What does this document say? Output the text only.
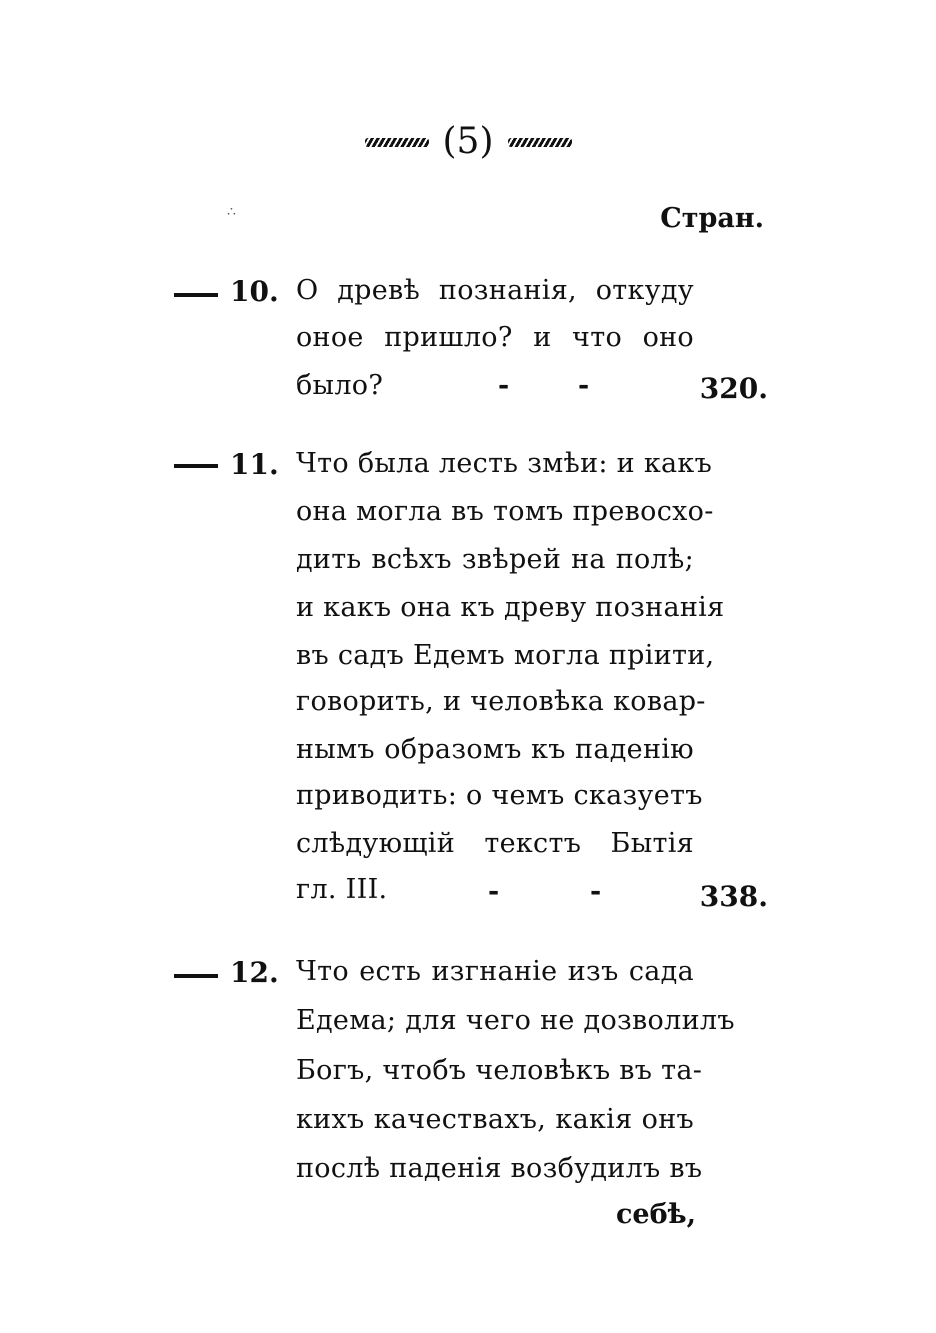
(5)
∴	Стран.
10. О древѣ познанія, откуду
оное пришло? и что оно
было?	-	-	320.
11. Что была лесть змѣи: и какъ
она могла въ томъ превосхо-
дить всѣхъ звѣрей на полѣ;
и какъ она къ древу познанія
въ садъ Едемъ могла пріити,
говорить, и человѣка ковар-
нымъ образомъ къ паденію
приводить: о чемъ сказуетъ
слѣдующій текстъ Бытія
гл. III.	-	-	338.
12. Что есть изгнаніе изъ сада
Едема; для чего не дозволилъ
Богъ, чтобъ человѣкъ въ та-
кихъ качествахъ, какія онъ
послѣ паденія возбудилъ въ
себѣ,
